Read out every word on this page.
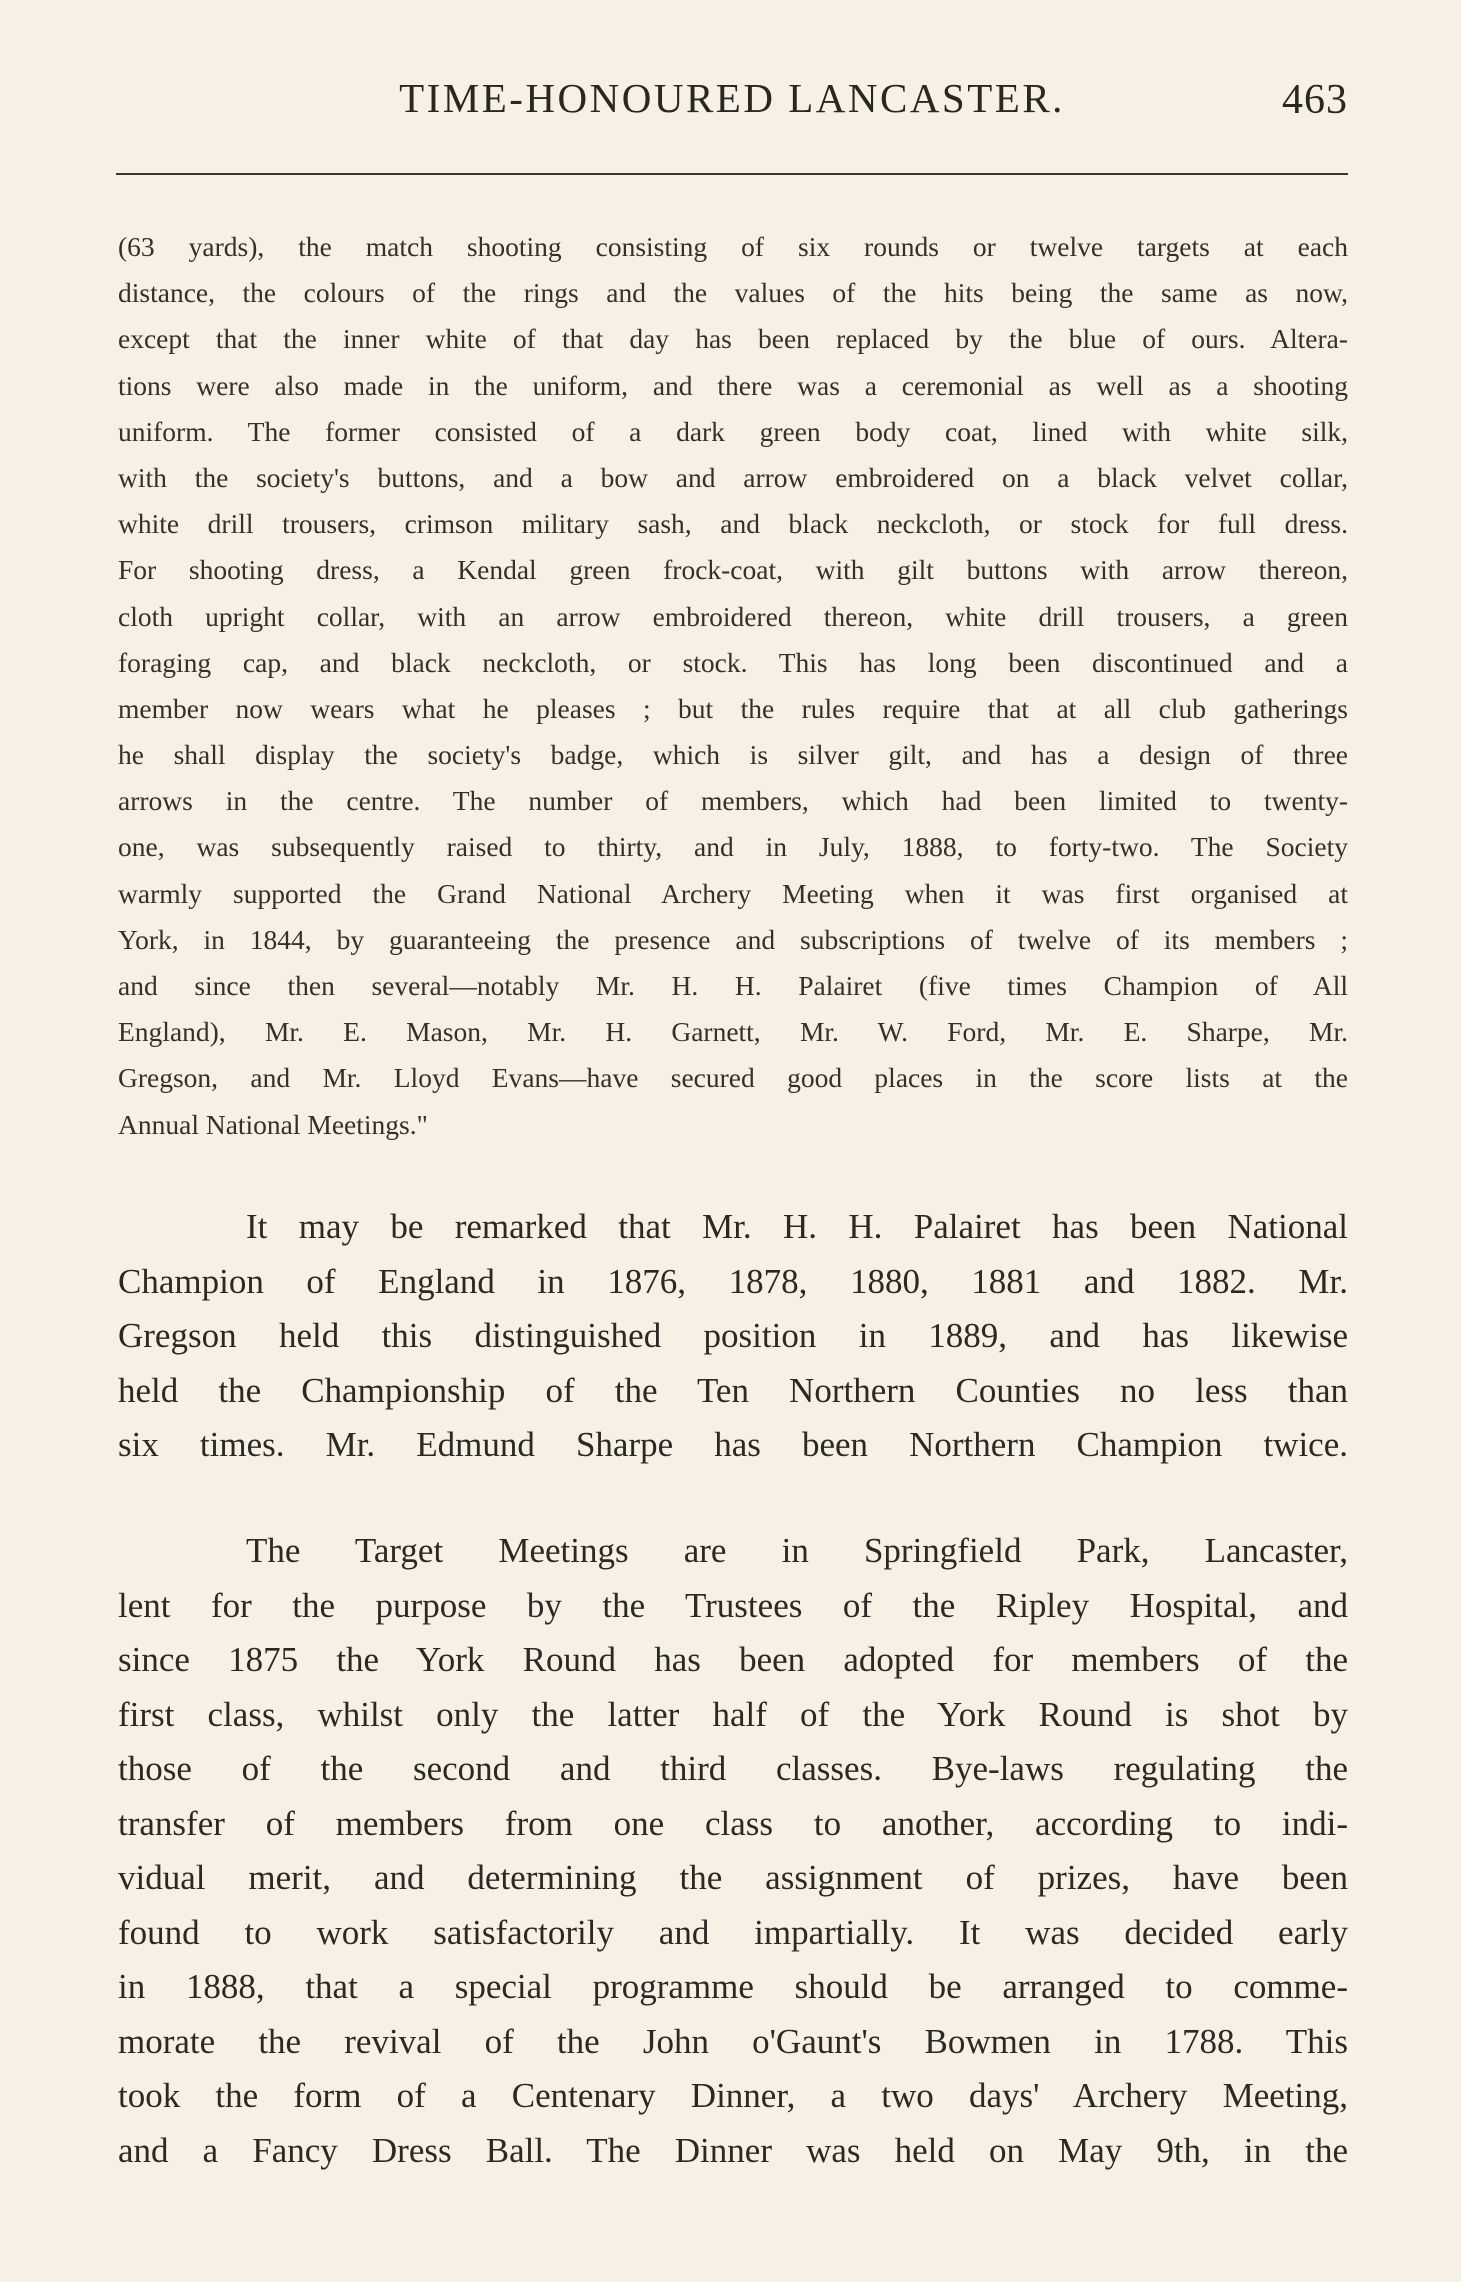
TIME-HONOURED LANCASTER.	463
(63 yards), the match shooting consisting of six rounds or twelve targets at each
distance, the colours of the rings and the values of the hits being the same as now,
except that the inner white of that day has been replaced by the blue of ours. Altera-
tions were also made in the uniform, and there was a ceremonial as well as a shooting
uniform. The former consisted of a dark green body coat, lined with white silk,
with the society's buttons, and a bow and arrow embroidered on a black velvet collar,
white drill trousers, crimson military sash, and black neckcloth, or stock for full dress.
For shooting dress, a Kendal green frock-coat, with gilt buttons with arrow thereon,
cloth upright collar, with an arrow embroidered thereon, white drill trousers, a green
foraging cap, and black neckcloth, or stock. This has long been discontinued and a
member now wears what he pleases ; but the rules require that at all club gatherings
he shall display the society's badge, which is silver gilt, and has a design of three
arrows in the centre. The number of members, which had been limited to twenty-
one, was subsequently raised to thirty, and in July, 1888, to forty-two. The Society
warmly supported the Grand National Archery Meeting when it was first organised at
York, in 1844, by guaranteeing the presence and subscriptions of twelve of its members ;
and since then several—notably Mr. H. H. Palairet (five times Champion of All
England), Mr. E. Mason, Mr. H. Garnett, Mr. W. Ford, Mr. E. Sharpe, Mr.
Gregson, and Mr. Lloyd Evans—have secured good places in the score lists at the
Annual National Meetings."
It may be remarked that Mr. H. H. Palairet has been National
Champion of England in 1876, 1878, 1880, 1881 and 1882. Mr.
Gregson held this distinguished position in 1889, and has likewise
held the Championship of the Ten Northern Counties no less than
six times. Mr. Edmund Sharpe has been Northern Champion twice.
The Target Meetings are in Springfield Park, Lancaster,
lent for the purpose by the Trustees of the Ripley Hospital, and
since 1875 the York Round has been adopted for members of the
first class, whilst only the latter half of the York Round is shot by
those of the second and third classes. Bye-laws regulating the
transfer of members from one class to another, according to indi-
vidual merit, and determining the assignment of prizes, have been
found to work satisfactorily and impartially. It was decided early
in 1888, that a special programme should be arranged to comme-
morate the revival of the John o'Gaunt's Bowmen in 1788. This
took the form of a Centenary Dinner, a two days' Archery Meeting,
and a Fancy Dress Ball. The Dinner was held on May 9th, in the
